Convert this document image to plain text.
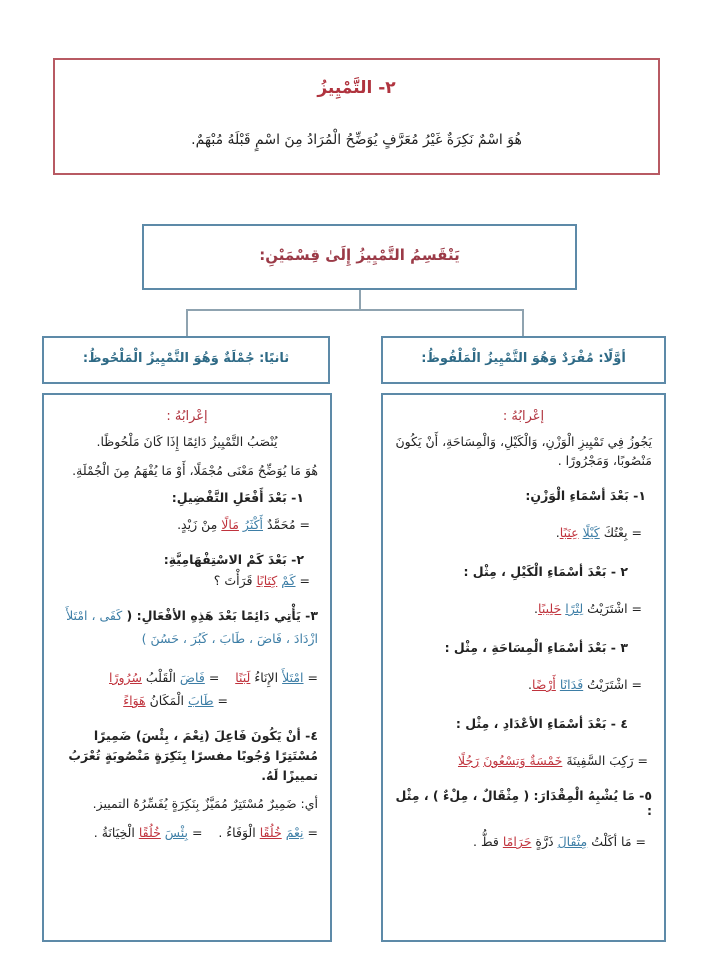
٢- التَّمْيِيزُ
هُوَ اسْمٌ نَكِرَةٌ غَيْرُ مُعَرَّفٍ يُوَضِّحُ الْمُرَادُ مِنَ اسْمٍ قَبْلَهُ مُبْهَمٌ.
يَنْقَسِمُ التَّمْيِيزُ إِلَىٰ قِسْمَيْنِ:
أوَّلًا: مُفْرَدٌ وَهُوَ التَّمْيِيزُ الْمَلْفُوظُ:
ثانيًا: جُمْلَةٌ وَهُوَ التَّمْيِيزُ الْمَلْحُوظُ:
إعْرابُهُ :

يَجُوزُ فِي تَمْيِيزِ الْوَزْنِ، وَالْكَيْلِ، وَالْمِسَاحَةِ، أَنْ يَكُونَ مَنْصُوبًا، وَمَجْرُورًا .

١- بَعْدَ أسْمَاءِ الْوَزْنِ:

= بِعْتُكَ كَيْلًا عِنَبًا.

٢ - بَعْدَ أسْمَاءِ الْكَيْلِ ، مِثْل :

= اشْتَرَيْتُ لِتْرًا حَلِيبًا.

٣ - بَعْدَ أسْمَاءِ الْمِسَاحَةِ ، مِثْل :

= اشْتَرَيْتُ فَدَانًا أَرْضًا.

٤ - بَعْدَ أسْمَاءِ الأعْدَادِ ، مِثْل :

= رَكِبَ السَّفِينَةَ خَمْسَةٌ وَتِسْعُونَ رَجُلًا

٥- مَا يُشْبِهُ الْمِقْدَارَ: ( مِثْقَالٌ ، مِلْءٌ ) ، مِثْل :

= مَا أكَلْتُ مِثْقَالَ ذَرَّةٍ حَرَامًا قطُّ .

إعْرابُهُ :

يُنْصَبُ التَّمْيِيزُ دَائِمًا إِذَا كَانَ مَلْحُوظًا.

هُوَ مَا يُوَضِّحُ مَعْنَى مُجْمَلًا، أَوْ مَا يُفْهَمُ مِنَ الْجُمْلَةِ.

١- بَعْدَ أَفْعَلِ التَّفْضِيلِ:

= مُحَمَّدٌ أَكْثَرُ مَالًا مِنْ زَيْدٍ.

٢- بَعْدَ كَمْ الاسْتِفْهَامِيَّةِ:

= كَمْ كِتَابًا قَرَأْتَ ؟

٣- يَأْتِي دَائِمًا بَعْدَ هَذِهِ الأفْعَالِ: ( كَفَى ، امْتَلأَ

ازْدَادَ ، فَاضَ ، طَابَ ، كَبُرَ ، حَسُنَ )

= امْتَلأَ الإِنَاءُ لَبَنًا    = فَاضَ الْقَلْبُ سُرُورًا

= طَابَ الْمَكَانُ هَوَاءً

٤- أنْ يَكُونَ فَاعِلَ (نِعْمَ ، بِئْسَ) ضَمِيرًا مُسْتَتِرًا وُجُوبًا مفسرًا بِنَكِرَةٍ مَنْصُوبَةٍ تُعْرَبُ تمييزًا لَهُ.

أي: ضَمِيرٌ مُسْتَتِرٌ مُمَيَّزٌ بِنَكِرَةٍ يُفَسِّرُهُ التمييز.

= نِعْمَ خُلُقًا الْوَفَاءُ .    = بِئْسَ خُلُقًا الْخِيَانَةُ .
